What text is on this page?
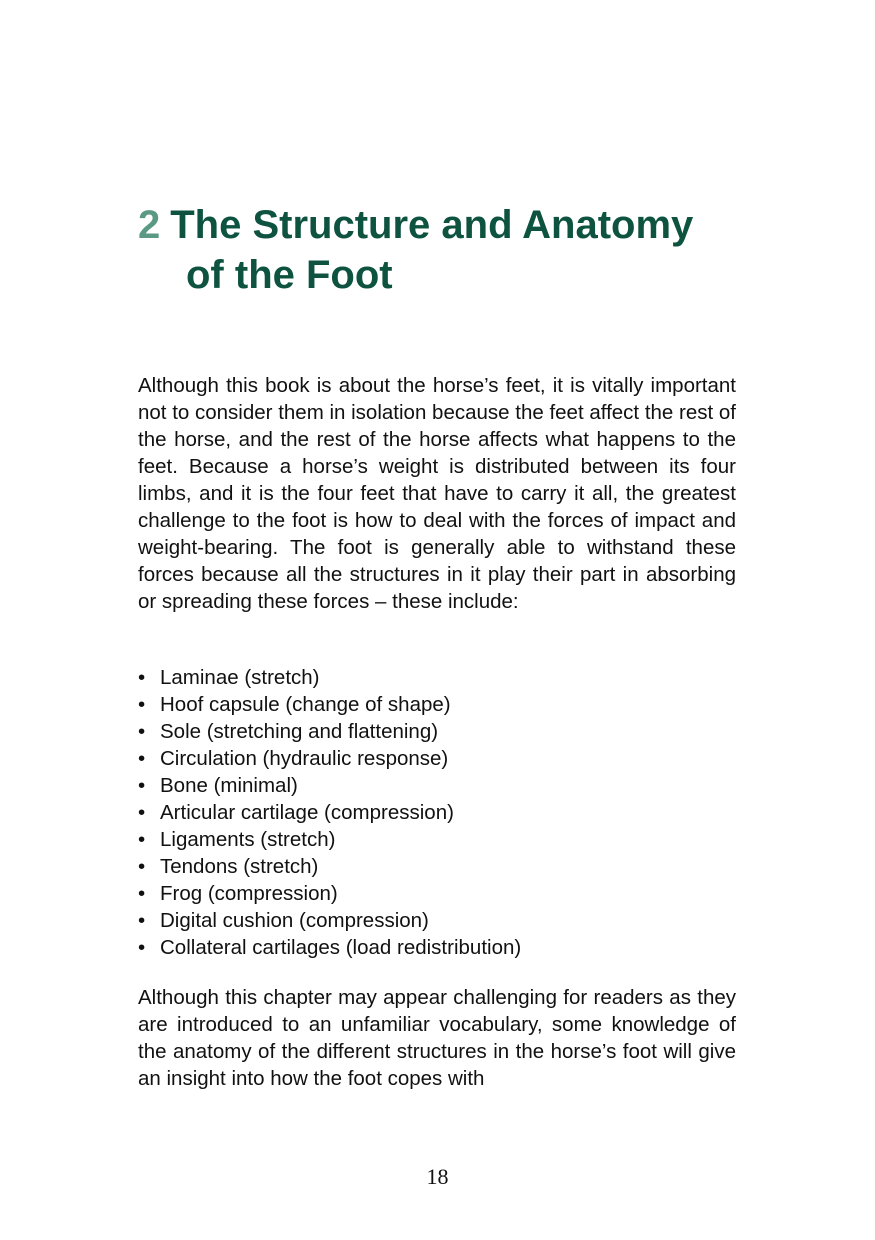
2 The Structure and Anatomy
of the Foot

Although this book is about the horse’s feet, it is vitally important not to consider them in isolation because the feet affect the rest of the horse, and the rest of the horse affects what happens to the feet. Because a horse’s weight is distributed between its four limbs, and it is the four feet that have to carry it all, the greatest challenge to the foot is how to deal with the forces of impact and weight-bearing. The foot is generally able to withstand these forces because all the structures in it play their part in absorbing or spreading these forces – these include:

• Laminae (stretch)
• Hoof capsule (change of shape)
• Sole (stretching and flattening)
• Circulation (hydraulic response)
• Bone (minimal)
• Articular cartilage (compression)
• Ligaments (stretch)
• Tendons (stretch)
• Frog (compression)
• Digital cushion (compression)
• Collateral cartilages (load redistribution)

Although this chapter may appear challenging for readers as they are introduced to an unfamiliar vocabulary, some knowledge of the anatomy of the different structures in the horse’s foot will give an insight into how the foot copes with

18
